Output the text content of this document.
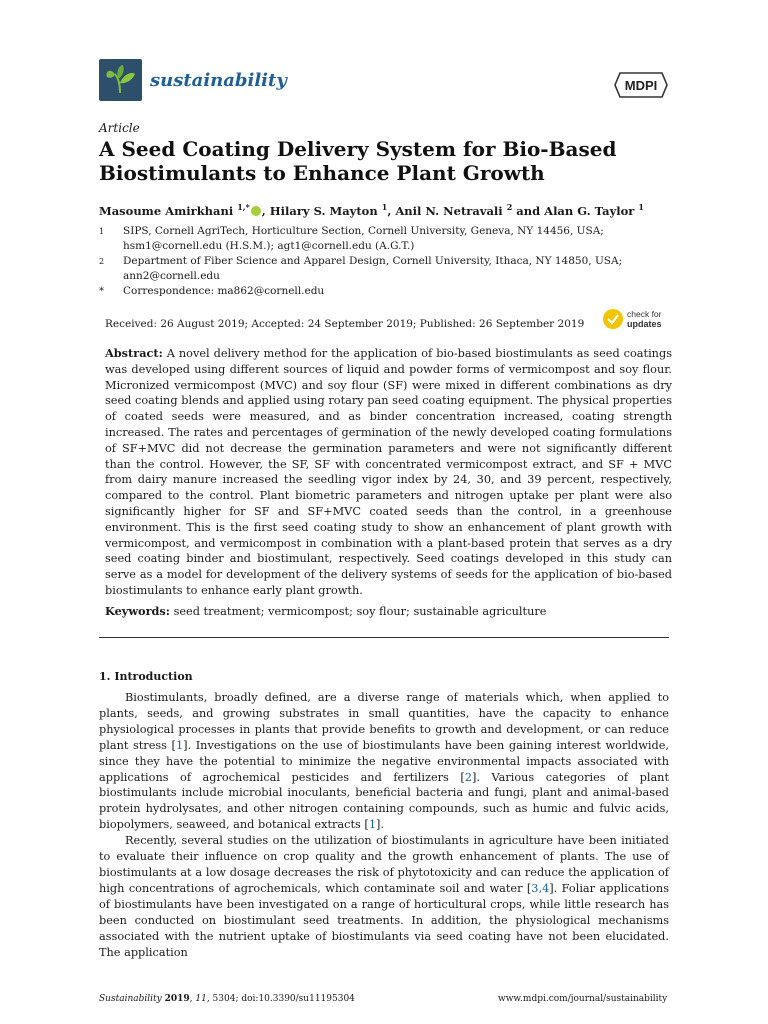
sustainability	MDPI
Article
A Seed Coating Delivery System for Bio-Based Biostimulants to Enhance Plant Growth
Masoume Amirkhani $^{1,*}$ , Hilary S. Mayton $^1$, Anil N. Netravali $^2$ and Alan G. Taylor $^1$
1 SIPS, Cornell AgriTech, Horticulture Section, Cornell University, Geneva, NY 14456, USA;
hsm1@cornell.edu (H.S.M.); agt1@cornell.edu (A.G.T.)
2 Department of Fiber Science and Apparel Design, Cornell University, Ithaca, NY 14850, USA;
ann2@cornell.edu
* Correspondence: ma862@cornell.edu
Received: 26 August 2019; Accepted: 24 September 2019; Published: 26 September 2019
check for
updates
Abstract: A novel delivery method for the application of bio-based biostimulants as seed coatings was developed using different sources of liquid and powder forms of vermicompost and soy flour. Micronized vermicompost (MVC) and soy flour (SF) were mixed in different combinations as dry seed coating blends and applied using rotary pan seed coating equipment. The physical properties of coated seeds were measured, and as binder concentration increased, coating strength increased. The rates and percentages of germination of the newly developed coating formulations of SF+MVC did not decrease the germination parameters and were not significantly different than the control. However, the SF, SF with concentrated vermicompost extract, and SF + MVC from dairy manure increased the seedling vigor index by 24, 30, and 39 percent, respectively, compared to the control. Plant biometric parameters and nitrogen uptake per plant were also significantly higher for SF and SF+MVC coated seeds than the control, in a greenhouse environment. This is the first seed coating study to show an enhancement of plant growth with vermicompost, and vermicompost in combination with a plant-based protein that serves as a dry seed coating binder and biostimulant, respectively. Seed coatings developed in this study can serve as a model for development of the delivery systems of seeds for the application of bio-based biostimulants to enhance early plant growth.
Keywords: seed treatment; vermicompost; soy flour; sustainable agriculture
1. Introduction

Biostimulants, broadly defined, are a diverse range of materials which, when applied to plants, seeds, and growing substrates in small quantities, have the capacity to enhance physiological processes in plants that provide benefits to growth and development, or can reduce plant stress [1]. Investigations on the use of biostimulants have been gaining interest worldwide, since they have the potential to minimize the negative environmental impacts associated with applications of agrochemical pesticides and fertilizers [2]. Various categories of plant biostimulants include microbial inoculants, beneficial bacteria and fungi, plant and animal-based protein hydrolysates, and other nitrogen containing compounds, such as humic and fulvic acids, biopolymers, seaweed, and botanical extracts [1].

Recently, several studies on the utilization of biostimulants in agriculture have been initiated to evaluate their influence on crop quality and the growth enhancement of plants. The use of biostimulants at a low dosage decreases the risk of phytotoxicity and can reduce the application of high concentrations of agrochemicals, which contaminate soil and water [3,4]. Foliar applications of biostimulants have been investigated on a range of horticultural crops, while little research has been conducted on biostimulant seed treatments. In addition, the physiological mechanisms associated with the nutrient uptake of biostimulants via seed coating have not been elucidated. The application

Sustainability 2019, 11, 5304; doi:10.3390/su11195304	www.mdpi.com/journal/sustainability
